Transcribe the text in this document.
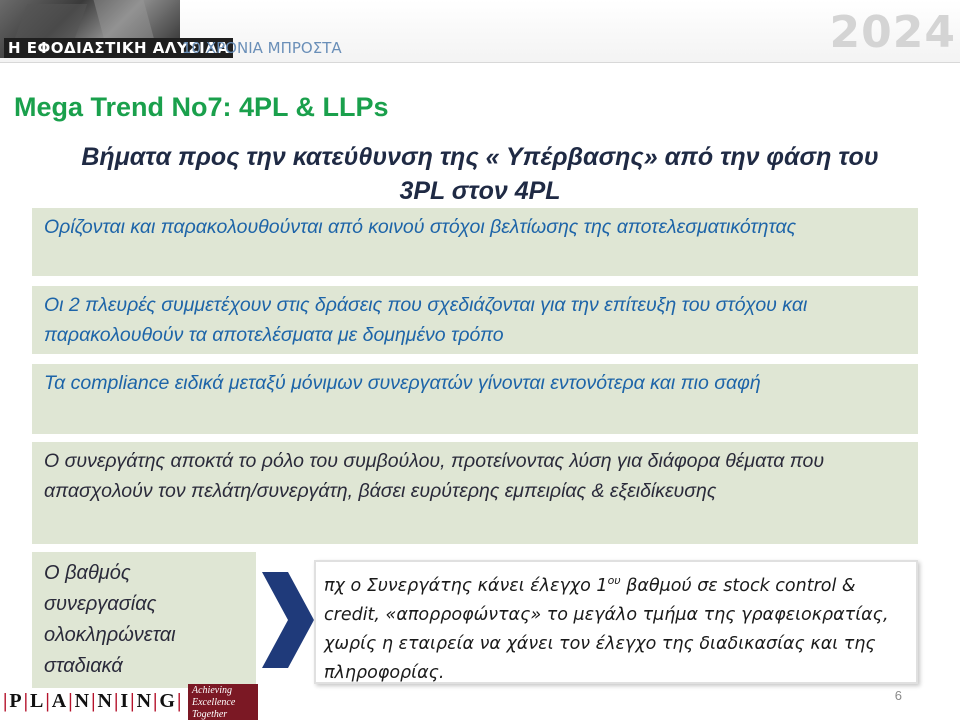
Η ΕΦΟΔΙΑΣΤΙΚΗ ΑΛΥΣΙΔΑ
10 ΧΡΟΝΙΑ ΜΠΡΟΣΤΑ	2024
Mega Trend No7: 4PL & LLPs
Βήματα προς την κατεύθυνση της « Υπέρβασης» από την φάση του
3PL στον 4PL
Ορίζονται και παρακολουθούνται από κοινού στόχοι βελτίωσης της αποτελεσματικότητας
Οι 2 πλευρές συμμετέχουν στις δράσεις που σχεδιάζονται για την επίτευξη του στόχου και παρακολουθούν τα αποτελέσματα με δομημένο τρόπο
Τα compliance ειδικά μεταξύ μόνιμων συνεργατών γίνονται εντονότερα και πιο σαφή
Ο συνεργάτης αποκτά το ρόλο του συμβούλου, προτείνοντας λύση για διάφορα θέματα που απασχολούν τον πελάτη/συνεργάτη, βάσει ευρύτερης εμπειρίας & εξειδίκευσης
Ο βαθμός συνεργασίας ολοκληρώνεται σταδιακά
πχ ο Συνεργάτης κάνει έλεγχο $1^{o\upsilon}$ βαθμού σε stock control & credit, «απορροφώντας» το μεγάλο τμήμα της γραφειοκρατίας, χωρίς η εταιρεία να χάνει τον έλεγχο της διαδικασίας και της πληροφορίας.
|P|L|A|N|N|I|N|G| Achieving
Excellence
Together
6
